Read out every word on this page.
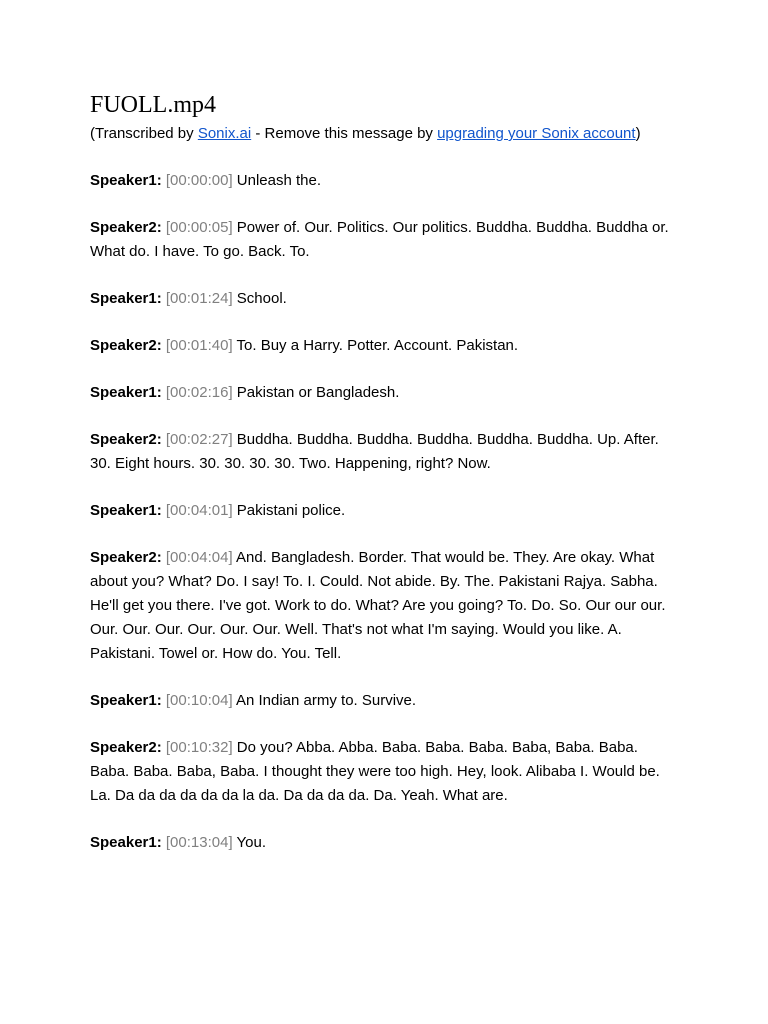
FUOLL.mp4

(Transcribed by Sonix.ai - Remove this message by upgrading your Sonix account)

Speaker1: [00:00:00] Unleash the.

Speaker2: [00:00:05] Power of. Our. Politics. Our politics. Buddha. Buddha. Buddha or. What do. I have. To go. Back. To.

Speaker1: [00:01:24] School.

Speaker2: [00:01:40] To. Buy a Harry. Potter. Account. Pakistan.

Speaker1: [00:02:16] Pakistan or Bangladesh.

Speaker2: [00:02:27] Buddha. Buddha. Buddha. Buddha. Buddha. Buddha. Up. After. 30. Eight hours. 30. 30. 30. 30. Two. Happening, right? Now.

Speaker1: [00:04:01] Pakistani police.

Speaker2: [00:04:04] And. Bangladesh. Border. That would be. They. Are okay. What about you? What? Do. I say! To. I. Could. Not abide. By. The. Pakistani Rajya. Sabha. He'll get you there. I've got. Work to do. What? Are you going? To. Do. So. Our our our. Our. Our. Our. Our. Our. Our. Well. That's not what I'm saying. Would you like. A. Pakistani. Towel or. How do. You. Tell.

Speaker1: [00:10:04] An Indian army to. Survive.

Speaker2: [00:10:32] Do you? Abba. Abba. Baba. Baba. Baba. Baba, Baba. Baba. Baba. Baba. Baba, Baba. I thought they were too high. Hey, look. Alibaba I. Would be. La. Da da da da da da la da. Da da da da. Da. Yeah. What are.

Speaker1: [00:13:04] You.
